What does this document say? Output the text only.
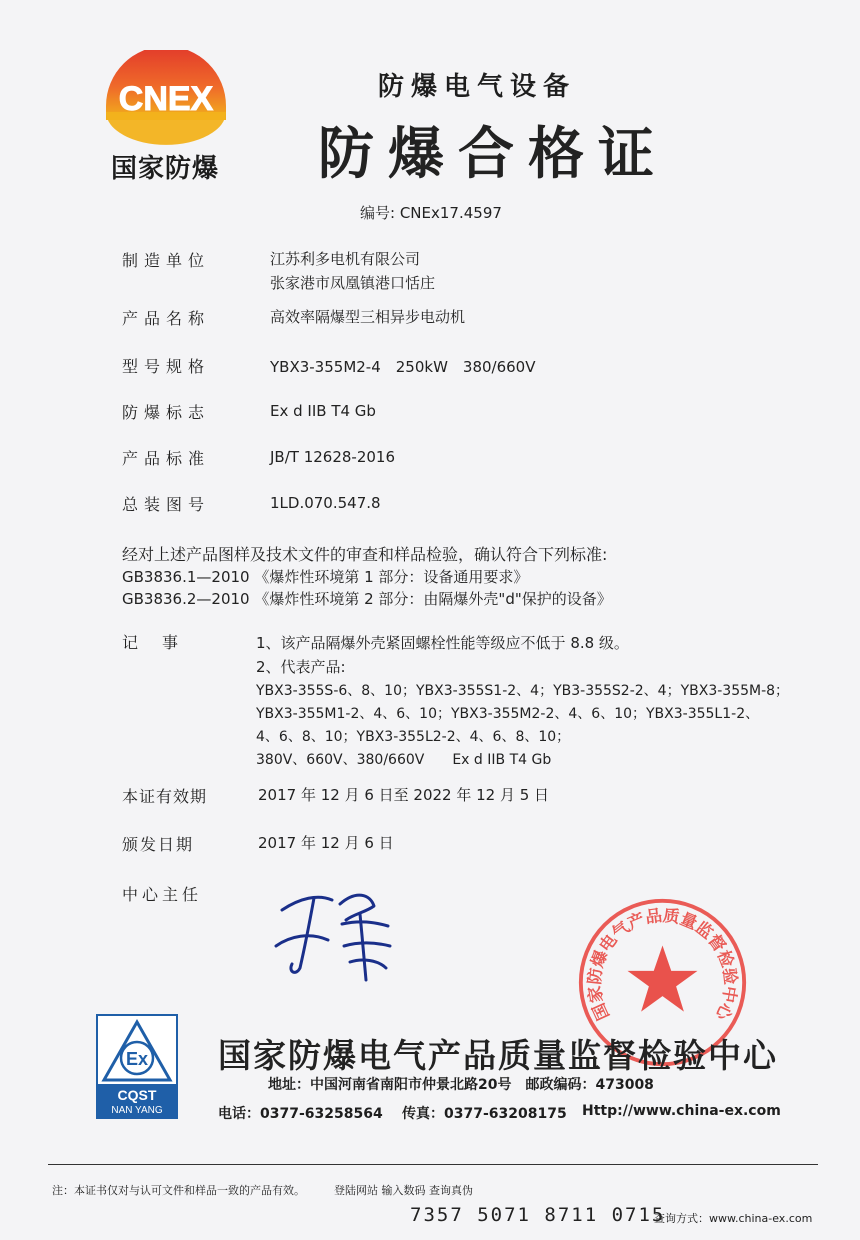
CNEX
国家防爆
防爆电气设备
防爆合格证
编号: CNEx17.4597
制造单位	江苏利多电机有限公司
张家港市凤凰镇港口恬庄
产品名称	高效率隔爆型三相异步电动机
型号规格	YBX3-355M2-4　250kW　380/660V
防爆标志	Ex d IIB T4 Gb
产品标准	JB/T 12628-2016
总装图号	1LD.070.547.8
经对上述产品图样及技术文件的审查和样品检验，确认符合下列标准:
GB3836.1—2010 《爆炸性环境第 1 部分：设备通用要求》
GB3836.2—2010 《爆炸性环境第 2 部分：由隔爆外壳"d"保护的设备》
记　事	1、该产品隔爆外壳紧固螺栓性能等级应不低于 8.8 级。
2、代表产品:
YBX3-355S-6、8、10；YBX3-355S1-2、4；YB3-355S2-2、4；YBX3-355M-8；
YBX3-355M1-2、4、6、10；YBX3-355M2-2、4、6、10；YBX3-355L1-2、
4、6、8、10；YBX3-355L2-2、4、6、8、10；
380V、660V、380/660V　　Ex d IIB T4 Gb
本证有效期	2017 年 12 月 6 日至 2022 年 12 月 5 日
颁发日期	2017 年 12 月 6 日
中心主任
国家防爆电气产品质量监督检验中心
Ex
CQST
NAN YANG
国家防爆电气产品质量监督检验中心
地址：中国河南省南阳市仲景北路20号　邮政编码：473008
电话：0377-63258564 传真：0377-63208175 Http://www.china-ex.com
注：本证书仅对与认可文件和样品一致的产品有效。	登陆网站 输入数码 查询真伪
7357 5071 8711 0715
查询方式：www.china-ex.com
